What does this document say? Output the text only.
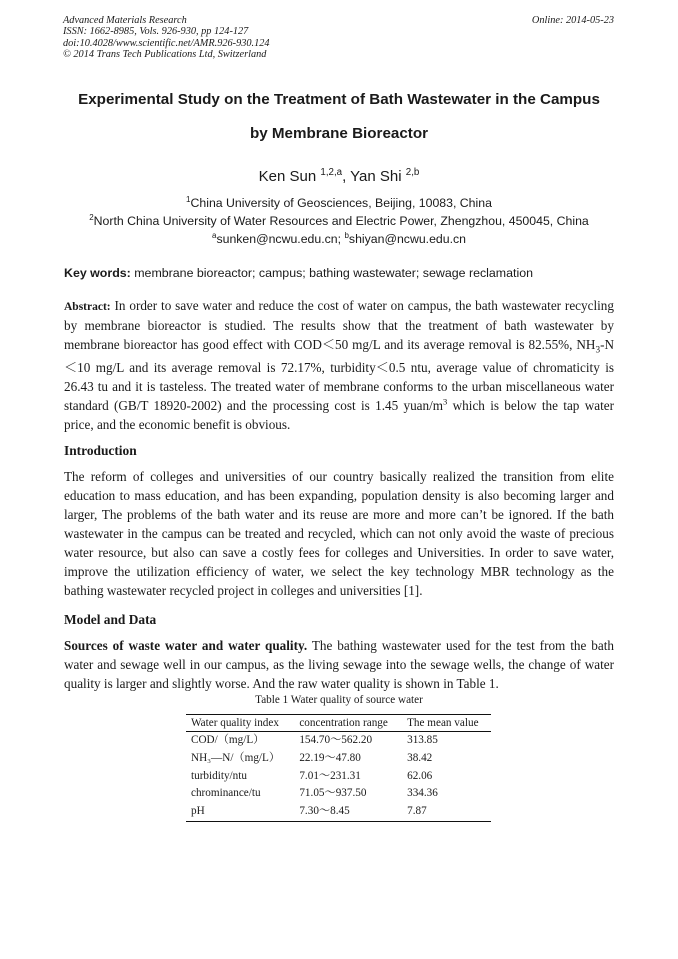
Advanced Materials Research
ISSN: 1662-8985, Vols. 926-930, pp 124-127
doi:10.4028/www.scientific.net/AMR.926-930.124
© 2014 Trans Tech Publications Ltd, Switzerland
Online: 2014-05-23
Experimental Study on the Treatment of Bath Wastewater in the Campus
by Membrane Bioreactor
Ken Sun $^{1,2,a}$, Yan Shi $^{2,b}$
$^1$China University of Geosciences, Beijing, 10083, China
$^2$North China University of Water Resources and Electric Power, Zhengzhou, 450045, China
$^a$sunken@ncwu.edu.cn; $^b$shiyan@ncwu.edu.cn
Key words: membrane bioreactor; campus; bathing wastewater; sewage reclamation
Abstract: In order to save water and reduce the cost of water on campus, the bath wastewater recycling by membrane bioreactor is studied. The results show that the treatment of bath wastewater by membrane bioreactor has good effect with COD＜50 mg/L and its average removal is 82.55%, $NH_3-N<10$ mg/L and its average removal is 72.17%, turbidity＜0.5 ntu, average value of chromaticity is 26.43 tu and it is tasteless. The treated water of membrane conforms to the urban miscellaneous water standard (GB/T 18920-2002) and the processing cost is 1.45 yuan/$m^3$ which is below the tap water price, and the economic benefit is obvious.
Introduction
The reform of colleges and universities of our country basically realized the transition from elite education to mass education, and has been expanding, population density is also becoming larger and larger, The problems of the bath water and its reuse are more and more can’t be ignored. If the bath wastewater in the campus can be treated and recycled, which can not only avoid the waste of precious water resource, but also can save a costly fees for colleges and Universities. In order to save water, improve the utilization efficiency of water, we select the key technology MBR technology as the bathing wastewater recycled project in colleges and universities [1].
Model and Data
Sources of waste water and water quality. The bathing wastewater used for the test from the bath water and sewage well in our campus, as the living sewage into the sewage wells, the change of water quality is larger and slightly worse. And the raw water quality is shown in Table 1.
Table 1 Water quality of source water
Water quality index	concentration range	The mean value
COD/（mg/L）	154.70～562.20	313.85
NH₃—N/（mg/L）	22.19～47.80	38.42
turbidity/ntu	7.01～231.31	62.06
chrominance/tu	71.05～937.50	334.36
pH	7.30～8.45	7.87
